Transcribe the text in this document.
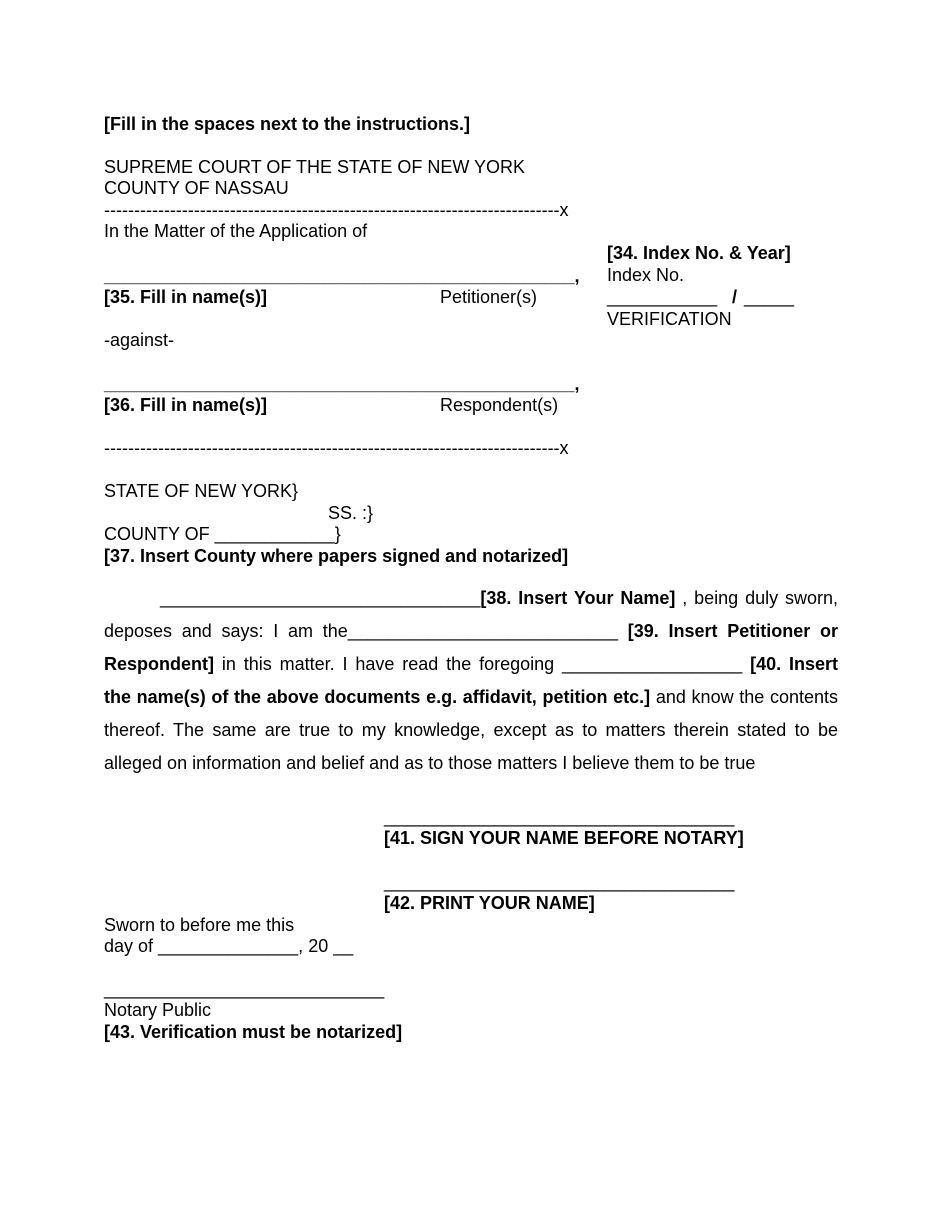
[Fill in the spaces next to the instructions.]
SUPREME COURT OF THE STATE OF NEW YORK
COUNTY OF NASSAU
----------------------------------------------------------------------------x
In the Matter of the Application of
[34. Index No. & Year]
Index No.
___________ / _____
VERIFICATION
_______________________________________________,
[35. Fill in name(s)]	Petitioner(s)
-against-
_______________________________________________,
[36. Fill in name(s)]	Respondent(s)
----------------------------------------------------------------------------x
STATE OF NEW YORK}
SS. :}
COUNTY OF ____________}
[37. Insert County where papers signed and notarized]
________________________________[38. Insert Your Name] , being duly sworn, deposes and says: I am the___________________________ [39. Insert Petitioner or Respondent] in this matter. I have read the foregoing __________________ [40. Insert the name(s) of the above documents e.g. affidavit, petition etc.] and know the contents thereof. The same are true to my knowledge, except as to matters therein stated to be alleged on information and belief and as to those matters I believe them to be true
___________________________________
[41. SIGN YOUR NAME BEFORE NOTARY]
___________________________________
[42. PRINT YOUR NAME]
Sworn to before me this
day of ______________, 20 __
____________________________
Notary Public
[43. Verification must be notarized]
